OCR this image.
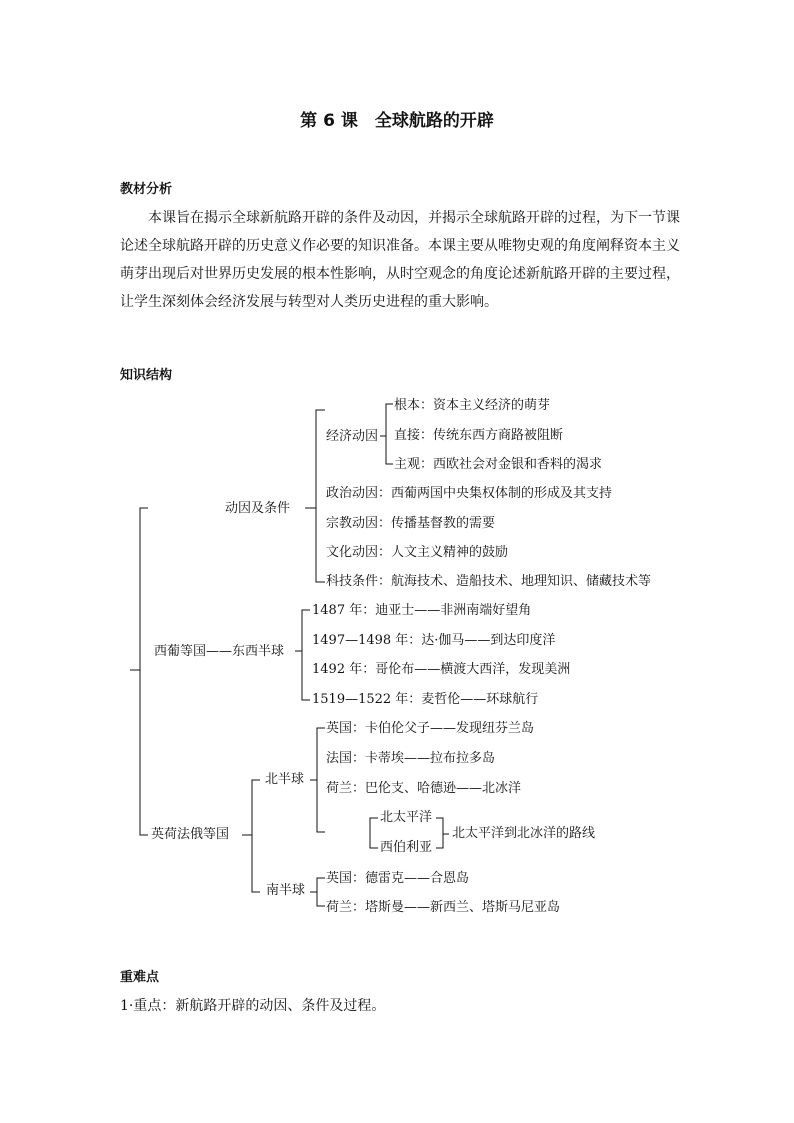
第 6 课　全球航路的开辟
教材分析

　　本课旨在揭示全球新航路开辟的条件及动因，并揭示全球航路开辟的过程，为下一节课

论述全球航路开辟的历史意义作必要的知识准备。本课主要从唯物史观的角度阐释资本主义

萌芽出现后对世界历史发展的根本性影响，从时空观念的角度论述新航路开辟的主要过程，

让学生深刻体会经济发展与转型对人类历史进程的重大影响。

知识结构
动因及条件
经济动因
根本：资本主义经济的萌芽
直接：传统东西方商路被阻断
主观：西欧社会对金银和香料的渴求
政治动因：西葡两国中央集权体制的形成及其支持
宗教动因：传播基督教的需要
文化动因：人文主义精神的鼓励
科技条件：航海技术、造船技术、地理知识、储藏技术等
西葡等国——东西半球
1487 年：迪亚士——非洲南端好望角
1497—1498 年：达·伽马——到达印度洋
1492 年：哥伦布——横渡大西洋，发现美洲
1519—1522 年：麦哲伦——环球航行
英荷法俄等国
北半球
英国：卡伯伦父子——发现纽芬兰岛
法国：卡蒂埃——拉布拉多岛
荷兰：巴伦支、哈德逊——北冰洋
北太平洋
西伯利亚
北太平洋到北冰洋的路线
南半球
英国：德雷克——合恩岛
荷兰：塔斯曼——新西兰、塔斯马尼亚岛
重难点
1·重点：新航路开辟的动因、条件及过程。
